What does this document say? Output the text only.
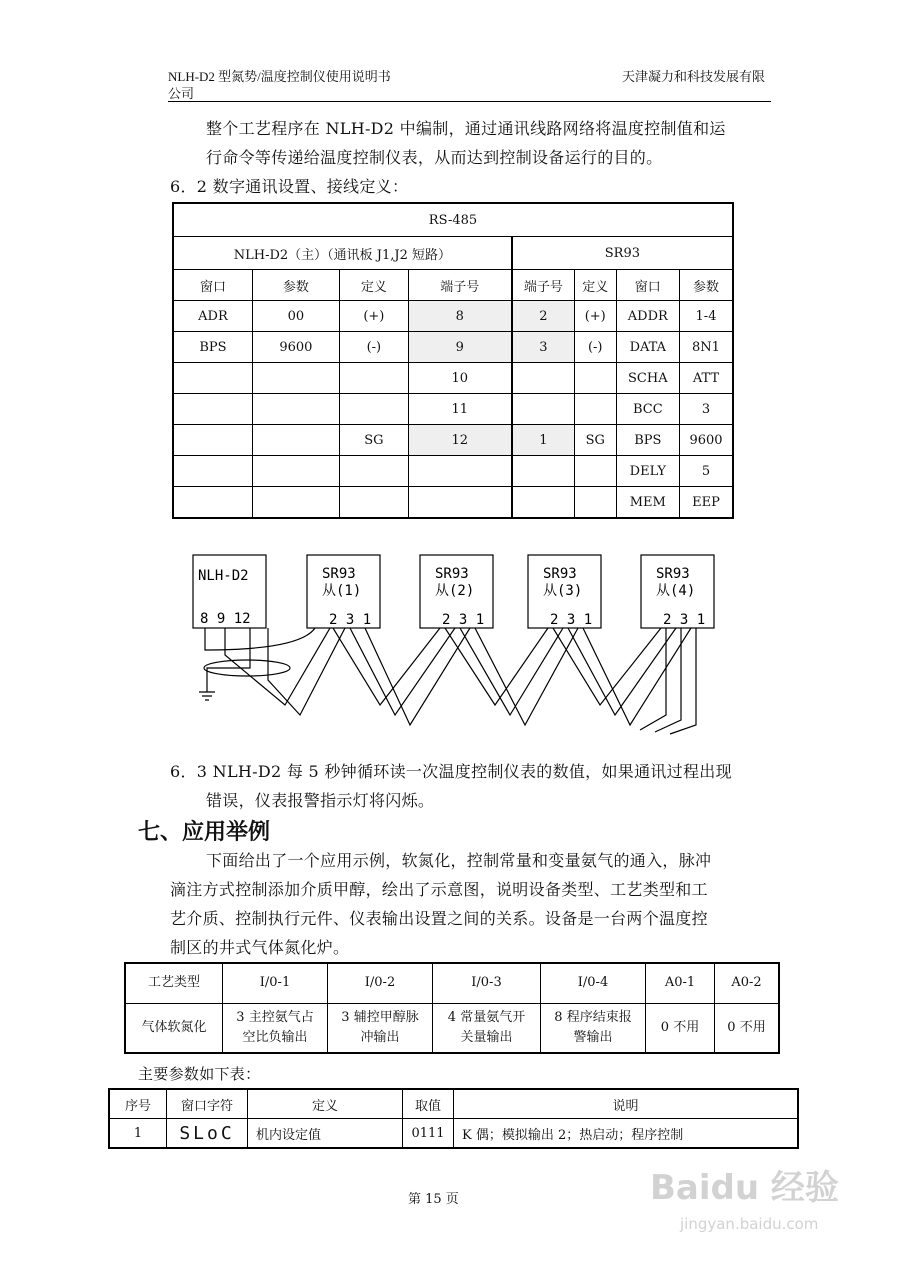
NLH-D2 型氮势/温度控制仪使用说明书
公司
天津凝力和科技发展有限
整个工艺程序在 NLH-D2 中编制，通过通讯线路网络将温度控制值和运
行命令等传递给温度控制仪表，从而达到控制设备运行的目的。
6．2 数字通讯设置、接线定义：
RS-485							
NLH-D2（主）（通讯板 J1,J2 短路）				SR93			
窗口	参数	定义	端子号	端子号	定义	窗口	参数
ADR	00	(+)	8	2	(+)	ADDR	1-4
BPS	9600	(-)	9	3	(-)	DATA	8N1
			10			SCHA	ATT
			11			BCC	3
		SG	12	1	SG	BPS	9600
						DELY	5
						MEM	EEP
NLH-D2
8 9 12
SR93
从(1)
2 3 1
SR93
从(2)
2 3 1
SR93
从(3)
2 3 1
SR93
从(4)
2 3 1
6．3 NLH-D2 每 5 秒钟循环读一次温度控制仪表的数值，如果通讯过程出现
错误，仪表报警指示灯将闪烁。
七、应用举例
下面给出了一个应用示例，软氮化，控制常量和变量氨气的通入，脉冲
滴注方式控制添加介质甲醇，绘出了示意图，说明设备类型、工艺类型和工
艺介质、控制执行元件、仪表输出设置之间的关系。设备是一台两个温度控
制区的井式气体氮化炉。
工艺类型	I/0-1	I/0-2	I/0-3	I/0-4	A0-1	A0-2
气体软氮化	3 主控氨气占
空比负输出	3 辅控甲醇脉
冲输出	4 常量氨气开
关量输出	8 程序结束报
警输出	0 不用	0 不用
主要参数如下表：
序号	窗口字符	定义	取值	说明
1	SLoC	机内设定值	0111	K 偶；模拟输出 2；热启动；程序控制
第 15 页	Baidu 经验
jingyan.baidu.com
